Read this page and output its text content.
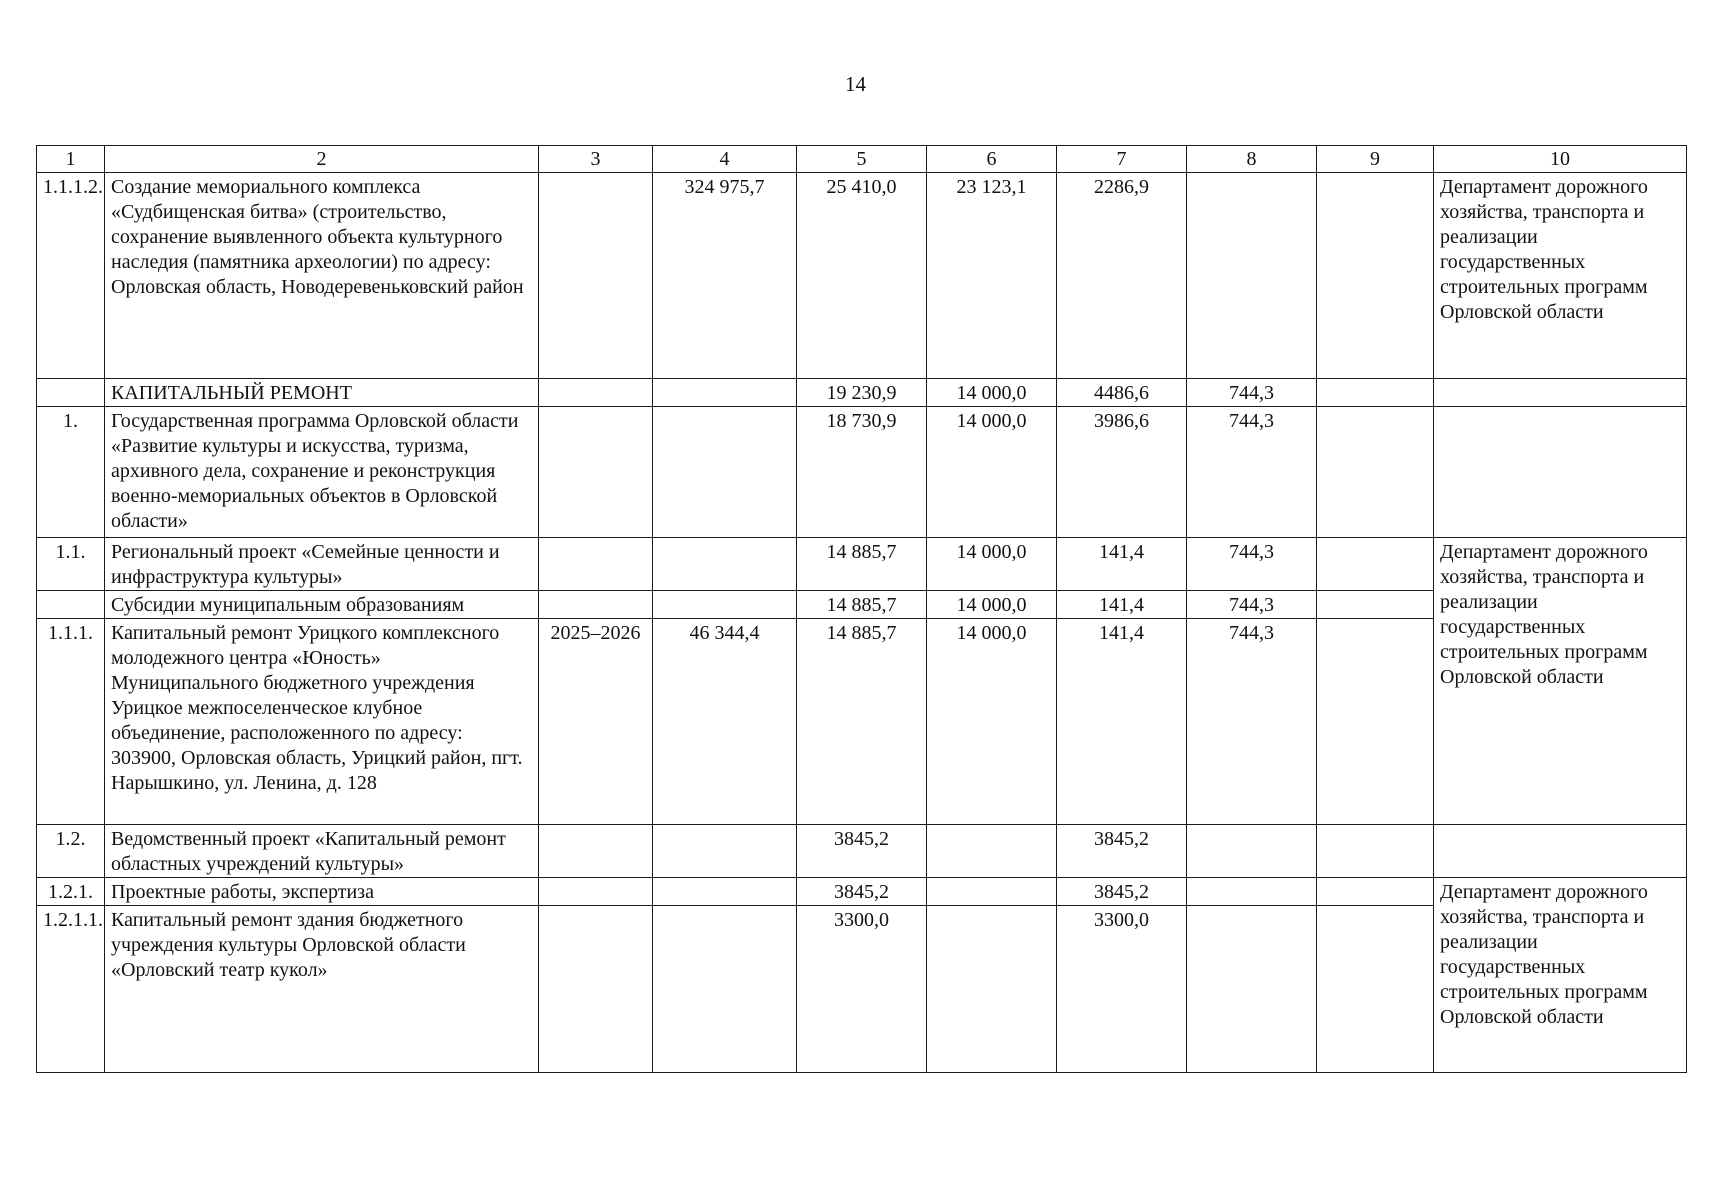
14
1	2	3	4	5	6	7	8	9	10
1.1.1.2.	Создание мемориального комплекса «Судбищенская битва» (строительство, сохранение выявленного объекта культурного наследия (памятника археологии) по адресу: Орловская область, Новодеревеньковский район		324 975,7	25 410,0	23 123,1	2286,9			Департамент дорожного хозяйства, транспорта и реализации государственных строительных программ Орловской области
	КАПИТАЛЬНЫЙ РЕМОНТ			19 230,9	14 000,0	4486,6	744,3		
1.	Государственная программа Орловской области «Развитие культуры и искусства, туризма, архивного дела, сохранение и реконструкция военно-мемориальных объектов в Орловской области»			18 730,9	14 000,0	3986,6	744,3		
1.1.	Региональный проект «Семейные ценности и инфраструктура культуры»			14 885,7	14 000,0	141,4	744,3		Департамент дорожного хозяйства, транспорта и реализации государственных строительных программ Орловской области
	Субсидии муниципальным образованиям			14 885,7	14 000,0	141,4	744,3		
1.1.1.	Капитальный ремонт Урицкого комплексного молодежного центра «Юность» Муниципального бюджетного учреждения Урицкое межпоселенческое клубное объединение, расположенного по адресу: 303900, Орловская область, Урицкий район, пгт. Нарышкино, ул. Ленина, д. 128	2025–2026	46 344,4	14 885,7	14 000,0	141,4	744,3		
1.2.	Ведомственный проект «Капитальный ремонт областных учреждений культуры»			3845,2		3845,2			
1.2.1.	Проектные работы, экспертиза			3845,2		3845,2			Департамент дорожного хозяйства, транспорта и реализации государственных строительных программ Орловской области
1.2.1.1.	Капитальный ремонт здания бюджетного учреждения культуры Орловской области «Орловский театр кукол»			3300,0		3300,0			
